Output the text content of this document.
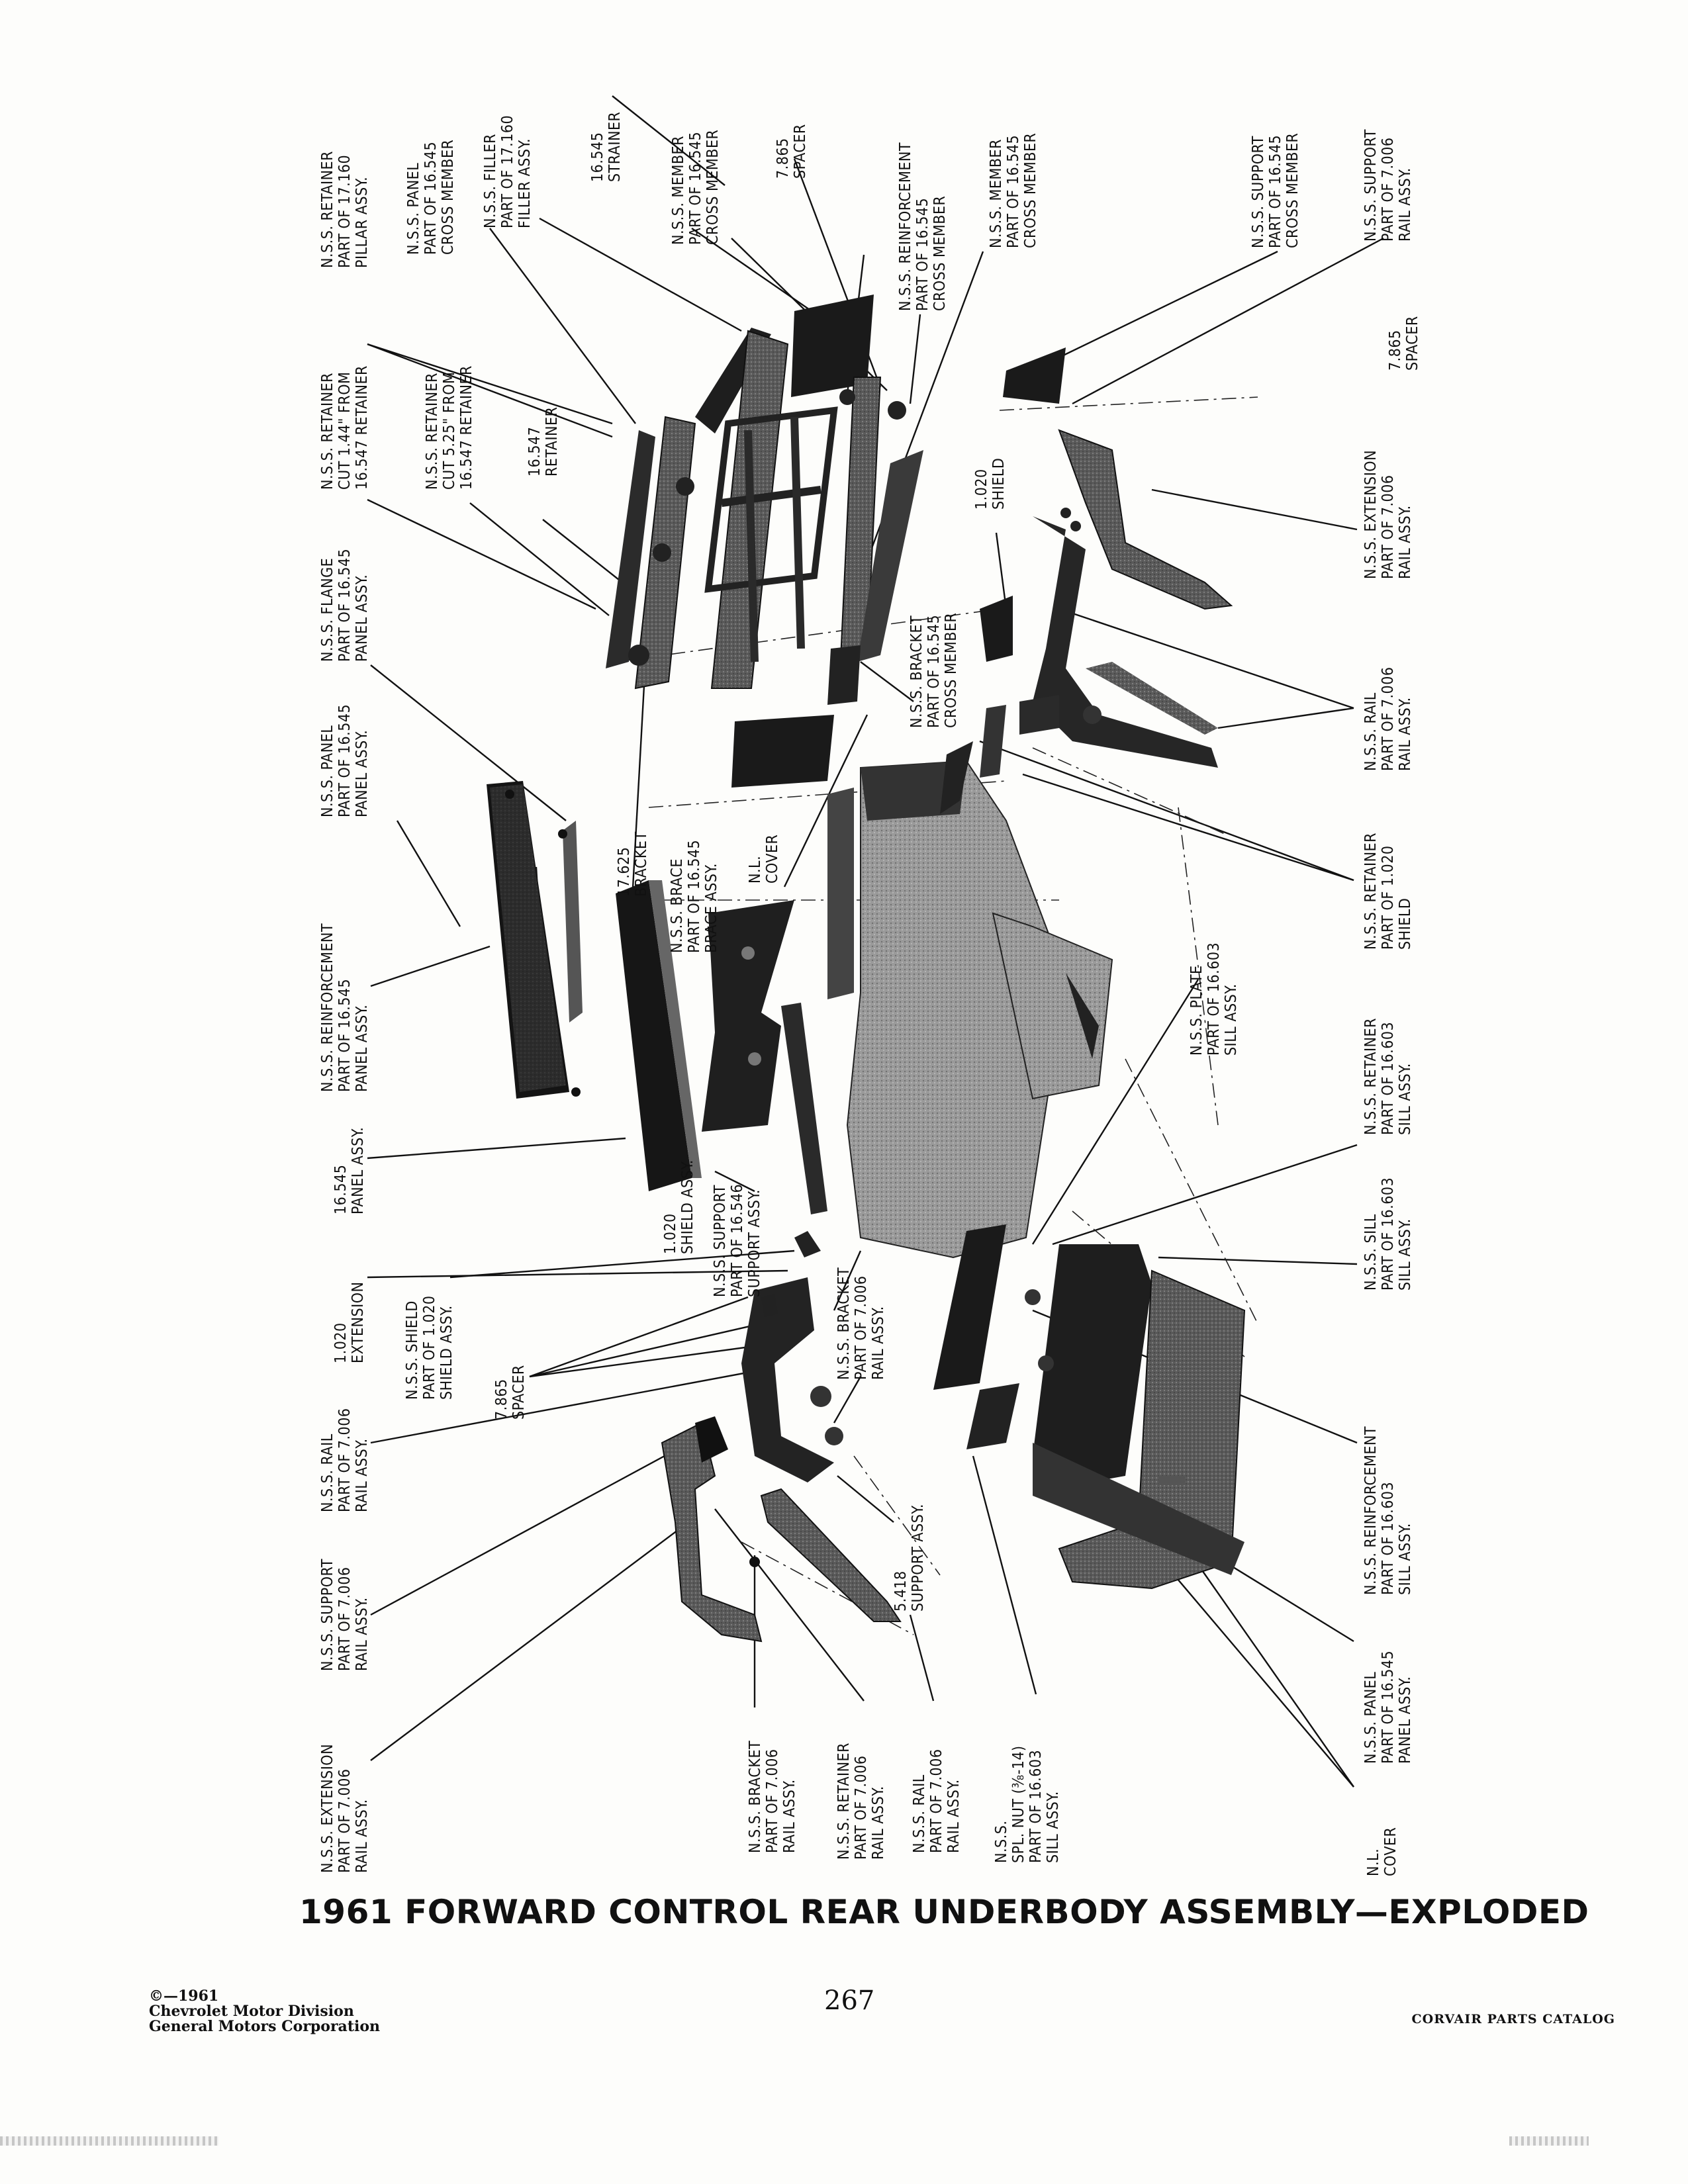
N.S.S. RETAINER PART OF 17.160 PILLAR ASSY. N.S.S. PANEL PART OF 16.545 CROSS MEMBER N.S.S. FILLER PART OF 17.160 FILLER ASSY.	16.545 STRAINER	N.S.S. MEMBER PART OF 16.545 CROSS MEMBER	7.865 SPACER	N.S.S. REINFORCEMENT PART OF 16.545 CROSS MEMBER
N.S.S. MEMBER PART OF 16.545 CROSS MEMBER	N.S.S. SUPPORT PART OF 16.545 CROSS MEMBER	N.S.S. SUPPORT PART OF 7.006 RAIL ASSY.
N.S.S. RETAINER CUT 1.44" FROM 16.547 RETAINER	N.S.S. RETAINER CUT 5.25" FROM 16.547 RETAINER	16.547 RETAINER
7.865 SPACER
1.020 SHIELD	N.S.S. EXTENSION PART OF 7.006 RAIL ASSY.
N.S.S. FLANGE PART OF 16.545 PANEL ASSY.	N.S.S. BRACKET PART OF 16.545 CROSS MEMBER
N.S.S. RAIL PART OF 7.006 RAIL ASSY.
N.S.S. PANEL PART OF 16.545 PANEL ASSY.
17.625 BRACKET N.S.S. BRACE PART OF 16.545 BRACE ASSY. N.L. COVER	N.S.S. RETAINER PART OF 1.020 SHIELD
N.S.S. REINFORCEMENT PART OF 16.545 PANEL ASSY.	N.S.S. PLATE PART OF 16.603 SILL ASSY.	N.S.S. RETAINER PART OF 16.603 SILL ASSY.
16.545 PANEL ASSY.
1.020 SHIELD ASSY. N.S.S. SUPPORT PART OF 16.546 SUPPORT ASSY.	N.S.S. SILL PART OF 16.603 SILL ASSY.
1.020 EXTENSION N.S.S. SHIELD PART OF 1.020 SHIELD ASSY. 7.865 SPACER
N.S.S. BRACKET PART OF 7.006 RAIL ASSY.
N.S.S. RAIL PART OF 7.006 RAIL ASSY.	N.S.S. REINFORCEMENT PART OF 16.603 SILL ASSY.
N.S.S. SUPPORT PART OF 7.006 RAIL ASSY.
5.418 SUPPORT ASSY.
N.S.S. PANEL PART OF 16.545 PANEL ASSY.
N.S.S. EXTENSION PART OF 7.006 RAIL ASSY.	N.S.S. BRACKET PART OF 7.006 RAIL ASSY. N.S.S. RETAINER PART OF 7.006 RAIL ASSY. N.S.S. RAIL PART OF 7.006 RAIL ASSY. N.S.S. SPL. NUT (⅜-14) PART OF 16.603 SILL ASSY.	N.L. COVER
1961 FORWARD CONTROL REAR UNDERBODY ASSEMBLY—EXPLODED
©—1961
Chevrolet Motor Division
General Motors Corporation
267
CORVAIR PARTS CATALOG
